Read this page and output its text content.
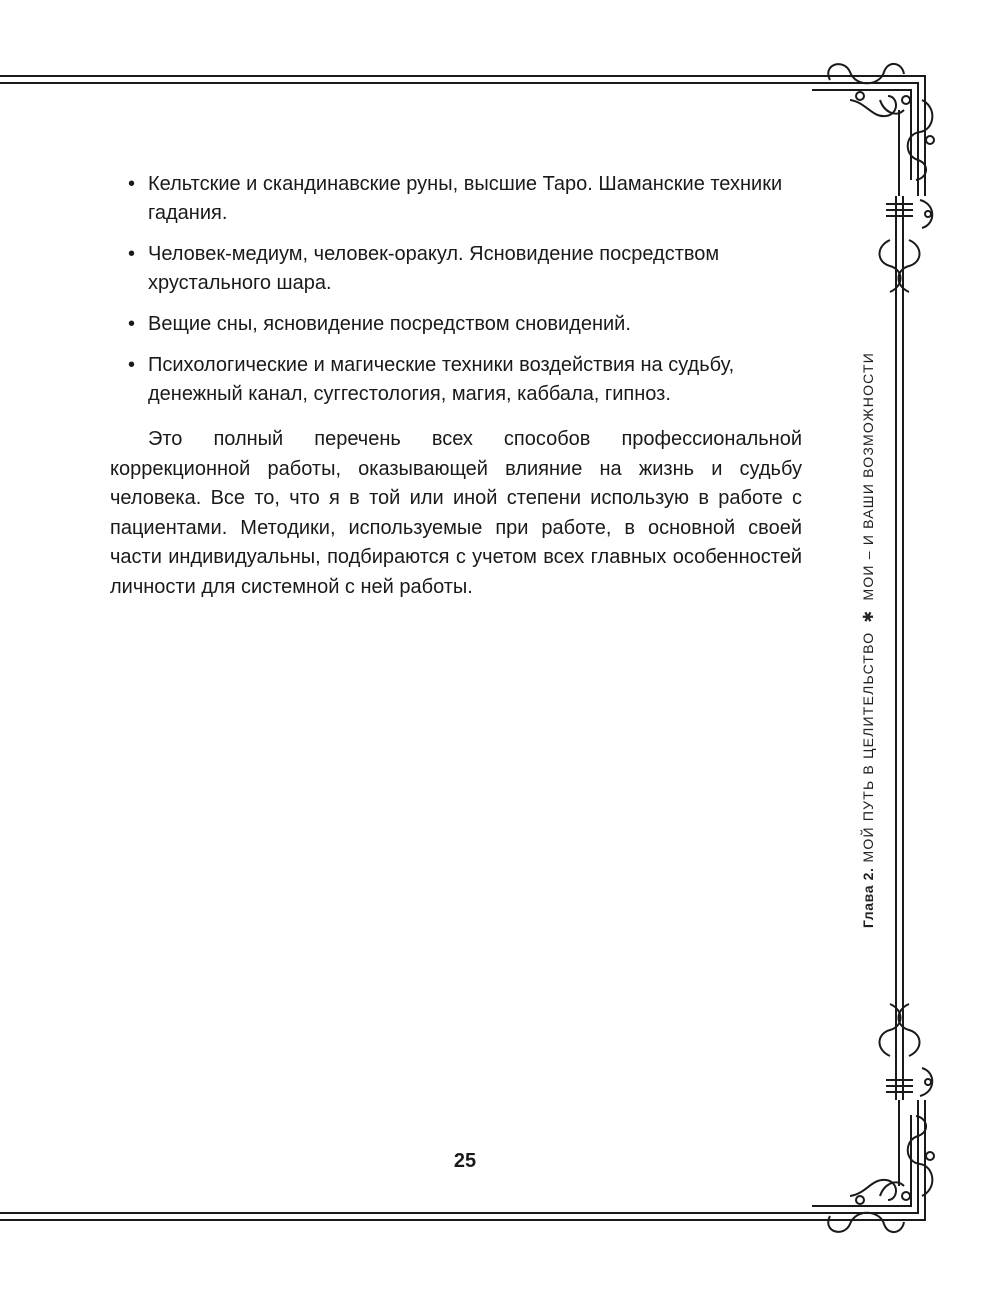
• Кельтские и скандинавские руны, высшие Таро. Шаманские техники гадания.
• Человек-медиум, человек-оракул. Ясновидение посредством хрустального шара.
• Вещие сны, ясновидение посредством сновидений.
• Психологические и магические техники воздействия на судьбу, денежный канал, суггестология, магия, каббала, гипноз.

Это полный перечень всех способов профессиональной коррекционной работы, оказывающей влияние на жизнь и судьбу человека. Все то, что я в той или иной степени использую в работе с пациентами. Методики, используемые при работе, в основной своей части индивидуальны, подбираются с учетом всех главных особенностей личности для системной с ней работы.

25
Глава 2. МОЙ ПУТЬ В ЦЕЛИТЕЛЬСТВО ✱ МОИ – И ВАШИ ВОЗМОЖНОСТИ
